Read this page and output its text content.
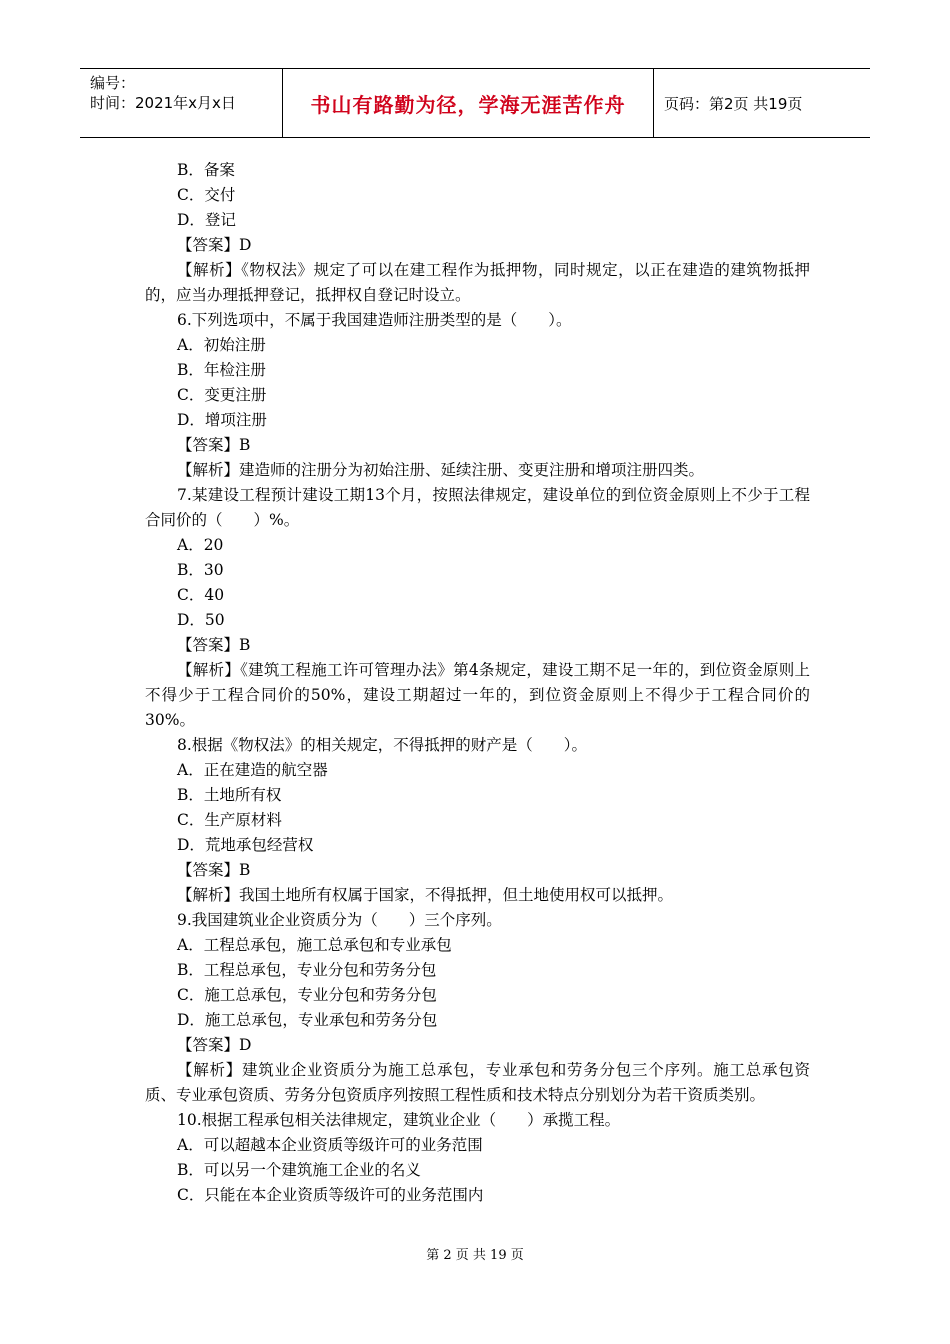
编号：
时间：2021年x月x日	书山有路勤为径，学海无涯苦作舟	页码：第2页 共19页
B．备案
C．交付
D．登记
【答案】D
【解析】《物权法》规定了可以在建工程作为抵押物，同时规定，以正在建造的建筑物抵押的，应当办理抵押登记，抵押权自登记时设立。
6.下列选项中，不属于我国建造师注册类型的是（　　）。
A．初始注册
B．年检注册
C．变更注册
D．增项注册
【答案】B
【解析】建造师的注册分为初始注册、延续注册、变更注册和增项注册四类。
7.某建设工程预计建设工期13个月，按照法律规定，建设单位的到位资金原则上不少于工程合同价的（　　）%。
A．20
B．30
C．40
D．50
【答案】B
【解析】《建筑工程施工许可管理办法》第4条规定，建设工期不足一年的，到位资金原则上不得少于工程合同价的50%，建设工期超过一年的，到位资金原则上不得少于工程合同价的30%。
8.根据《物权法》的相关规定，不得抵押的财产是（　　）。
A．正在建造的航空器
B．土地所有权
C．生产原材料
D．荒地承包经营权
【答案】B
【解析】我国土地所有权属于国家，不得抵押，但土地使用权可以抵押。
9.我国建筑业企业资质分为（　　）三个序列。
A．工程总承包，施工总承包和专业承包
B．工程总承包，专业分包和劳务分包
C．施工总承包，专业分包和劳务分包
D．施工总承包，专业承包和劳务分包
【答案】D
【解析】建筑业企业资质分为施工总承包，专业承包和劳务分包三个序列。施工总承包资质、专业承包资质、劳务分包资质序列按照工程性质和技术特点分别划分为若干资质类别。
10.根据工程承包相关法律规定，建筑业企业（　　）承揽工程。
A．可以超越本企业资质等级许可的业务范围
B．可以另一个建筑施工企业的名义
C．只能在本企业资质等级许可的业务范围内
第 2 页 共 19 页
